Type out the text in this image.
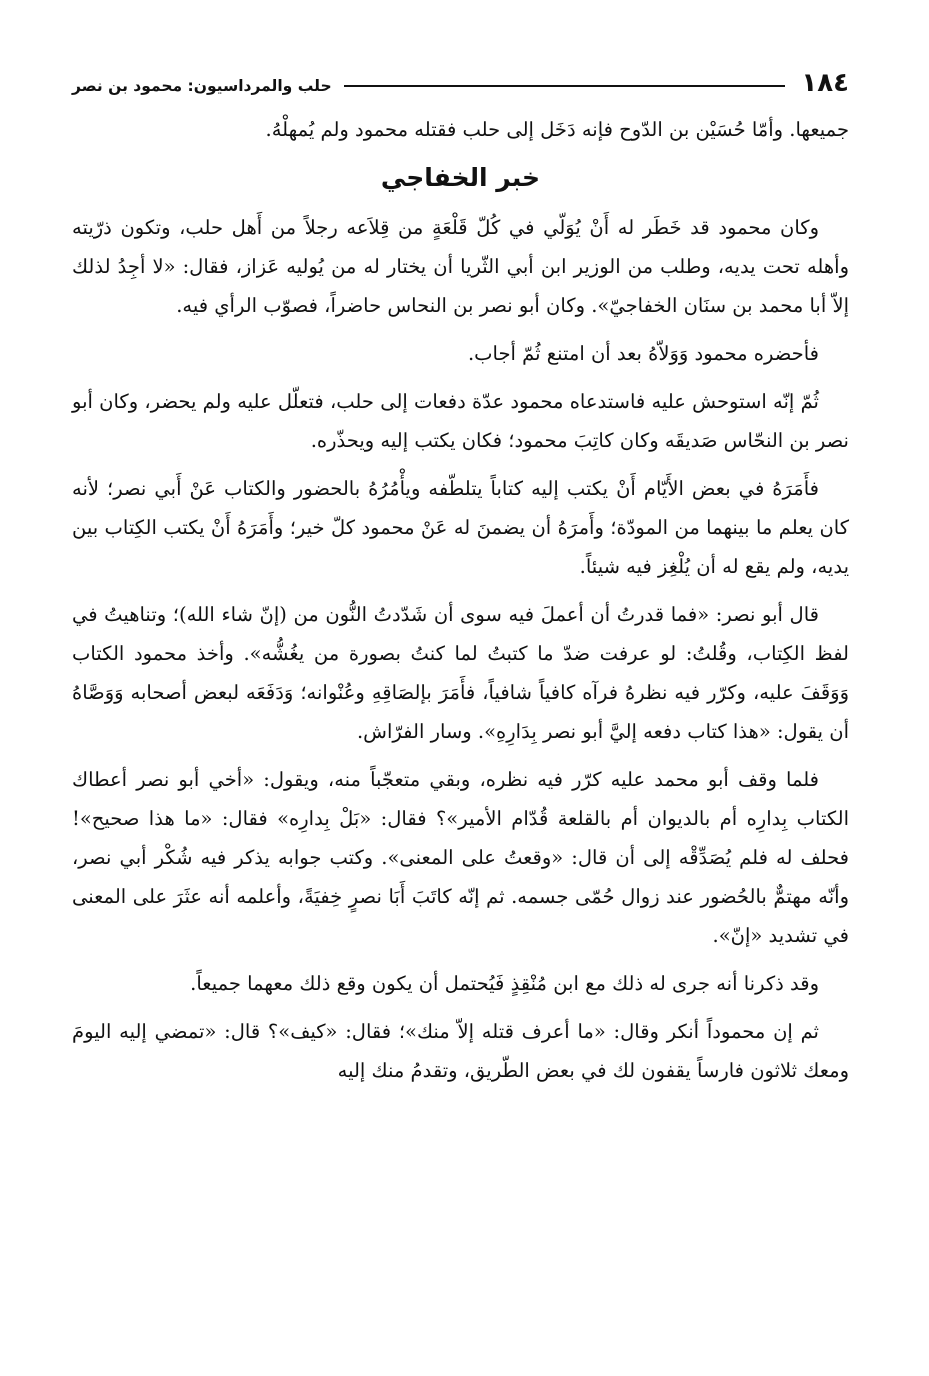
١٨٤
حلب والمرداسيون: محمود بن نصر

جميعها. وأمّا حُسَيْن بن الدّوح فإنه دَخَل إلى حلب فقتله محمود ولم يُمهلْهُ.

خبر الخفاجي

وكان محمود قد خَطَر له أَنْ يُوَلّي في كُلّ قَلْعَةٍ من قِلاَعه رجلاً من أَهل حلب، وتكون ذرّيته وأهله تحت يديه، وطلب من الوزير ابن أبي الثّريا أن يختار له من يُوليه عَزاز، فقال: «لا أجِدُ لذلك إلاّ أبا محمد بن سنَان الخفاجيّ». وكان أبو نصر بن النحاس حاضراً، فصوّب الرأي فيه.

فأحضره محمود وَوَلاّهُ بعد أن امتنع ثُمّ أجاب.

ثُمّ إنّه استوحش عليه فاستدعاه محمود عدّة دفعات إلى حلب، فتعلّل عليه ولم يحضر، وكان أبو نصر بن النحّاس صَديقَه وكان كاتِبَ محمود؛ فكان يكتب إليه ويحذّره.

فأَمَرَهُ في بعض الأَيّام أَنْ يكتب إليه كتاباً يتلطّفه ويأْمُرُهُ بالحضور والكتاب عَنْ أَبي نصر؛ لأنه كان يعلم ما بينهما من المودّة؛ وأَمرَهُ أن يضمنَ له عَنْ محمود كلّ خير؛ وأَمَرَهُ أَنْ يكتب الكِتاب بين يديه، ولم يقع له أن يُلْغِز فيه شيئاً.

قال أبو نصر: «فما قدرتُ أن أعملَ فيه سوى أن شَدّدتُ النُّون من (إنّ شاء الله)؛ وتناهيتُ في لفظ الكِتاب، وقُلتُ: لو عرفت ضدّ ما كتبتُ لما كنتُ بصورة من يغُشُّه». وأخذ محمود الكتاب وَوَقَفَ عليه، وكرّر فيه نظرهُ فرآه كافياً شافياً، فأَمَرَ بإلصَاقِهِ وعُنْوانه؛ وَدَفَعَه لبعض أصحابه وَوَصَّاهُ أن يقول: «هذا كتاب دفعه إليَّ أبو نصر بِدَارِهِ». وسار الفرّاش.

فلما وقف أبو محمد عليه كرّر فيه نظره، وبقي متعجّباً منه، ويقول: «أخي أبو نصر أعطاك الكتاب بِدارِه أم بالديوان أم بالقلعة قُدّام الأمير»؟ فقال: «بَلْ بِدارِه» فقال: «ما هذا صحيح»! فحلف له فلم يُصَدِّقْه إلى أن قال: «وقعتُ على المعنى». وكتب جوابه يذكر فيه شُكْر أبي نصر، وأنّه مهتمٌّ بالحُضور عند زوال حُمّى جسمه. ثم إنّه كاتَبَ أَبَا نصرٍ خِفيَةً، وأعلمه أنه عثَرَ على المعنى في تشديد «إنّ».

وقد ذكرنا أنه جرى له ذلك مع ابن مُنْقِذٍ فَيُحتمل أن يكون وقع ذلك معهما جميعاً.

ثم إن محموداً أنكر وقال: «ما أعرف قتله إلاّ منك»؛ فقال: «كيف»؟ قال: «تمضي إليه اليومَ ومعك ثلاثون فارساً يقفون لك في بعض الطّريق، وتقدمُ منك إليه
